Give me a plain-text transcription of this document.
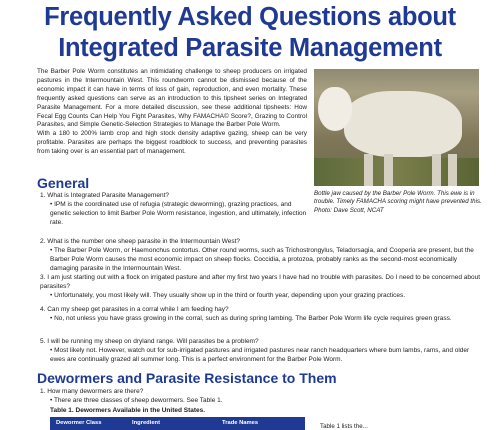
Frequently Asked Questions about
Integrated Parasite Management

The Barber Pole Worm constitutes an intimidating challenge to sheep producers on irrigated pastures in the Intermountain West. This roundworm cannot be dismissed because of the economic impact it can have in terms of loss of gain, reproduction, and even mortality. These frequently asked questions can serve as an introduction to this tipsheet series on Integrated Parasite Management. For a more detailed discussion, see these additional tipsheets: How Fecal Egg Counts Can Help You Fight Parasites, Why FAMACHA© Score?, Grazing to Control Parasites, and Simple Genetic-Selection Strategies to Manage the Barber Pole Worm.

With a 180 to 200% lamb crop and high stock density adaptive gazing, sheep can be very profitable. Parasites are perhaps the biggest roadblock to success, and preventing parasites from taking over is an essential part of management.

Bottle jaw caused by the Barber Pole Worm. This ewe is in trouble. Timely FAMACHA scoring might have prevented this. Photo: Dave Scott, NCAT
General
1. What is Integrated Parasite Management?
• IPM is the coordinated use of refugia (strategic deworming), grazing practices, and genetic selection to limit Barber Pole Worm resistance, ingestion, and ultimately, infection rate.
2. What is the number one sheep parasite in the Intermountain West?
• The Barber Pole Worm, or Haemonchus contortus. Other round worms, such as Trichostrongylus, Teladorsagia, and Cooperia are present, but the Barber Pole Worm causes the most economic impact on sheep flocks. Coccidia, a protozoa, probably ranks as the second-most economically damaging parasite in the Intermountain West.
3. I am just starting out with a flock on irrigated pasture and after my first two years I have had no trouble with parasites. Do I need to be concerned about parasites?
• Unfortunately, you most likely will. They usually show up in the third or fourth year, depending upon your grazing practices.
4. Can my sheep get parasites in a corral while I am feeding hay?
• No, not unless you have grass growing in the corral, such as during spring lambing. The Barber Pole Worm life cycle requires green grass.
5. I will be running my sheep on dryland range. Will parasites be a problem?
• Most likely not. However, watch out for sub-irrigated pastures and irrigated pastures near ranch headquarters where bum lambs, rams, and older ewes are continually grazed all summer long. This is a perfect environment for the Barber Pole Worm.
Dewormers and Parasite Resistance to Them
1. How many dewormers are there?
• There are three classes of sheep dewormers. See Table 1.
Table 1. Dewormers Available in the United States.
Dewormer Class	Ingredient	Trade Names	Table 1 lists the...
